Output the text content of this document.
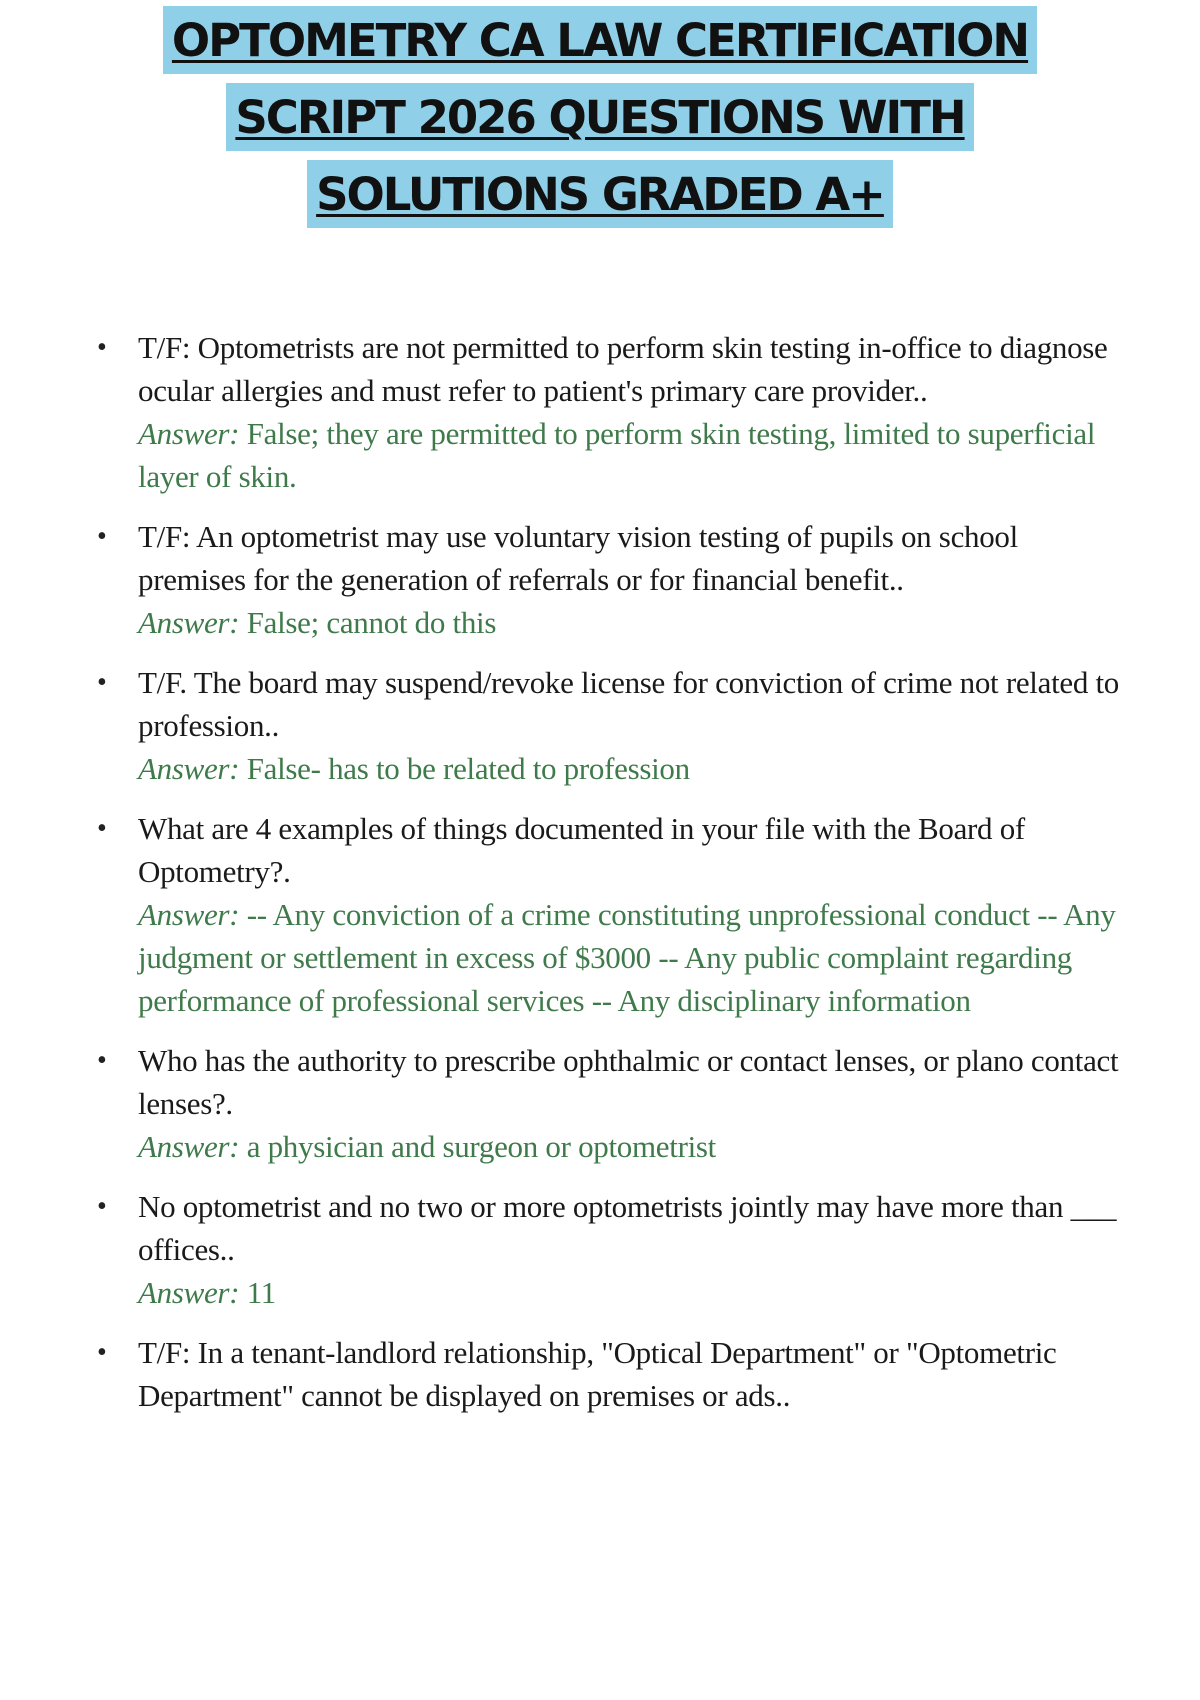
OPTOMETRY CA LAW CERTIFICATION
SCRIPT 2026 QUESTIONS WITH
SOLUTIONS GRADED A+
• T/F: Optometrists are not permitted to perform skin testing in-office to diagnose ocular allergies and must refer to patient's primary care provider..
Answer: False; they are permitted to perform skin testing, limited to superficial layer of skin.
• T/F: An optometrist may use voluntary vision testing of pupils on school premises for the generation of referrals or for financial benefit..
Answer: False; cannot do this
• T/F. The board may suspend/revoke license for conviction of crime not related to profession..
Answer: False- has to be related to profession
• What are 4 examples of things documented in your file with the Board of Optometry?.
Answer: -- Any conviction of a crime constituting unprofessional conduct -- Any judgment or settlement in excess of $3000 -- Any public complaint regarding performance of professional services -- Any disciplinary information
• Who has the authority to prescribe ophthalmic or contact lenses, or plano contact lenses?.
Answer: a physician and surgeon or optometrist
• No optometrist and no two or more optometrists jointly may have more than ___ offices..
Answer: 11
• T/F: In a tenant-landlord relationship, "Optical Department" or "Optometric Department" cannot be displayed on premises or ads..
